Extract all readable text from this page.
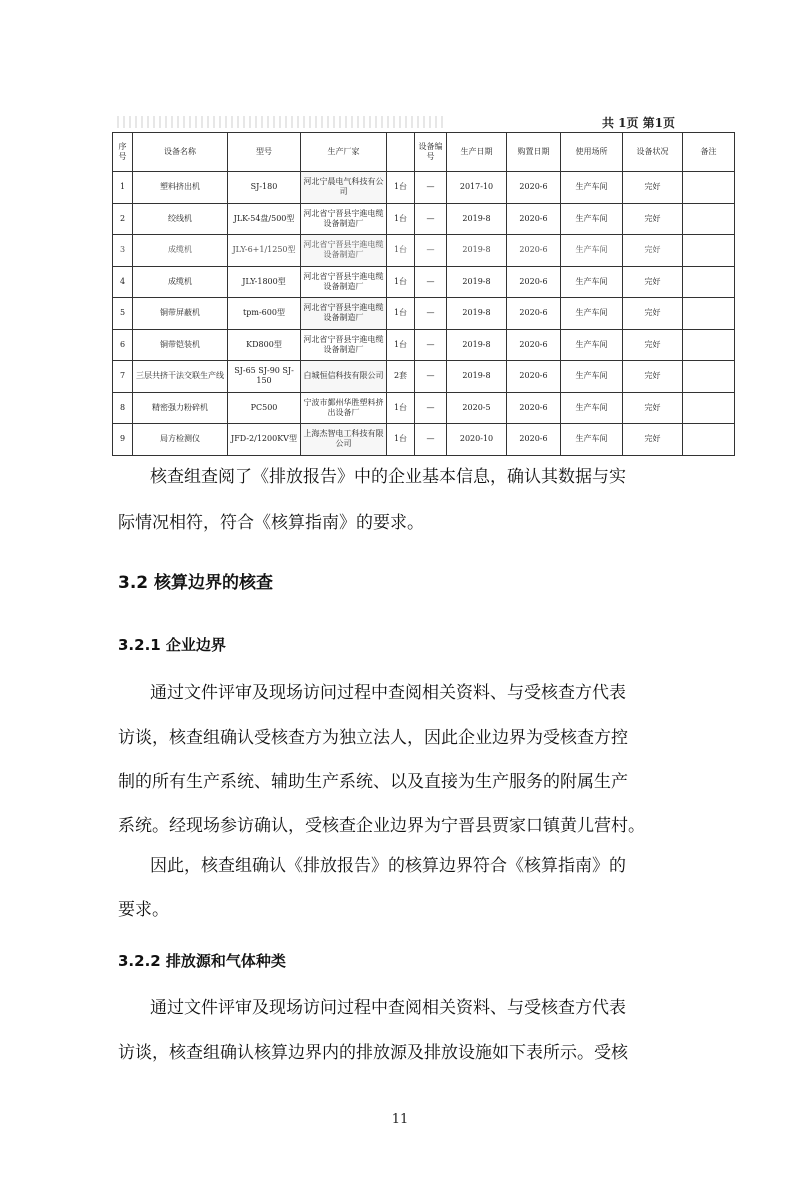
共 1页 第1页
序号	设备名称	型号	生产厂家		设备编号	生产日期	购置日期	使用场所	设备状况	备注
1	塑料挤出机	SJ-180	河北宁晨电气科技有公司	1台	—	2017-10	2020-6	生产车间	完好	
2	绞线机	JLK-54盘/500型	河北省宁晋县宇進电缆设备制造厂	1台	—	2019-8	2020-6	生产车间	完好	
3	成缆机	JLY-6+1/1250型	河北省宁晋县宇進电缆设备制造厂	1台	—	2019-8	2020-6	生产车间	完好	
4	成缆机	JLY-1800型	河北省宁晋县宇進电缆设备制造厂	1台	—	2019-8	2020-6	生产车间	完好	
5	铜带屏蔽机	tpm-600型	河北省宁晋县宇進电缆设备制造厂	1台	—	2019-8	2020-6	生产车间	完好	
6	铜带铠装机	KD800型	河北省宁晋县宇進电缆设备制造厂	1台	—	2019-8	2020-6	生产车间	完好	
7	三层共挤干法交联生产线	SJ-65 SJ-90 SJ-150	白城恒信科技有限公司	2套	—	2019-8	2020-6	生产车间	完好	
8	精密强力粉碎机	PC500	宁波市鄞州华胜塑料挤出设备厂	1台	—	2020-5	2020-6	生产车间	完好	
9	局方检测仪	JFD-2/1200KV型	上海杰智电工科技有限公司	1台	—	2020-10	2020-6	生产车间	完好	

核查组查阅了《排放报告》中的企业基本信息，确认其数据与实

际情况相符，符合《核算指南》的要求。

3.2 核算边界的核查
3.2.1 企业边界

通过文件评审及现场访问过程中查阅相关资料、与受核查方代表

访谈，核查组确认受核查方为独立法人，因此企业边界为受核查方控

制的所有生产系统、辅助生产系统、以及直接为生产服务的附属生产

系统。经现场参访确认，受核查企业边界为宁晋县贾家口镇黄儿营村。

因此，核查组确认《排放报告》的核算边界符合《核算指南》的

要求。

3.2.2 排放源和气体种类

通过文件评审及现场访问过程中查阅相关资料、与受核查方代表

访谈，核查组确认核算边界内的排放源及排放设施如下表所示。受核

11
